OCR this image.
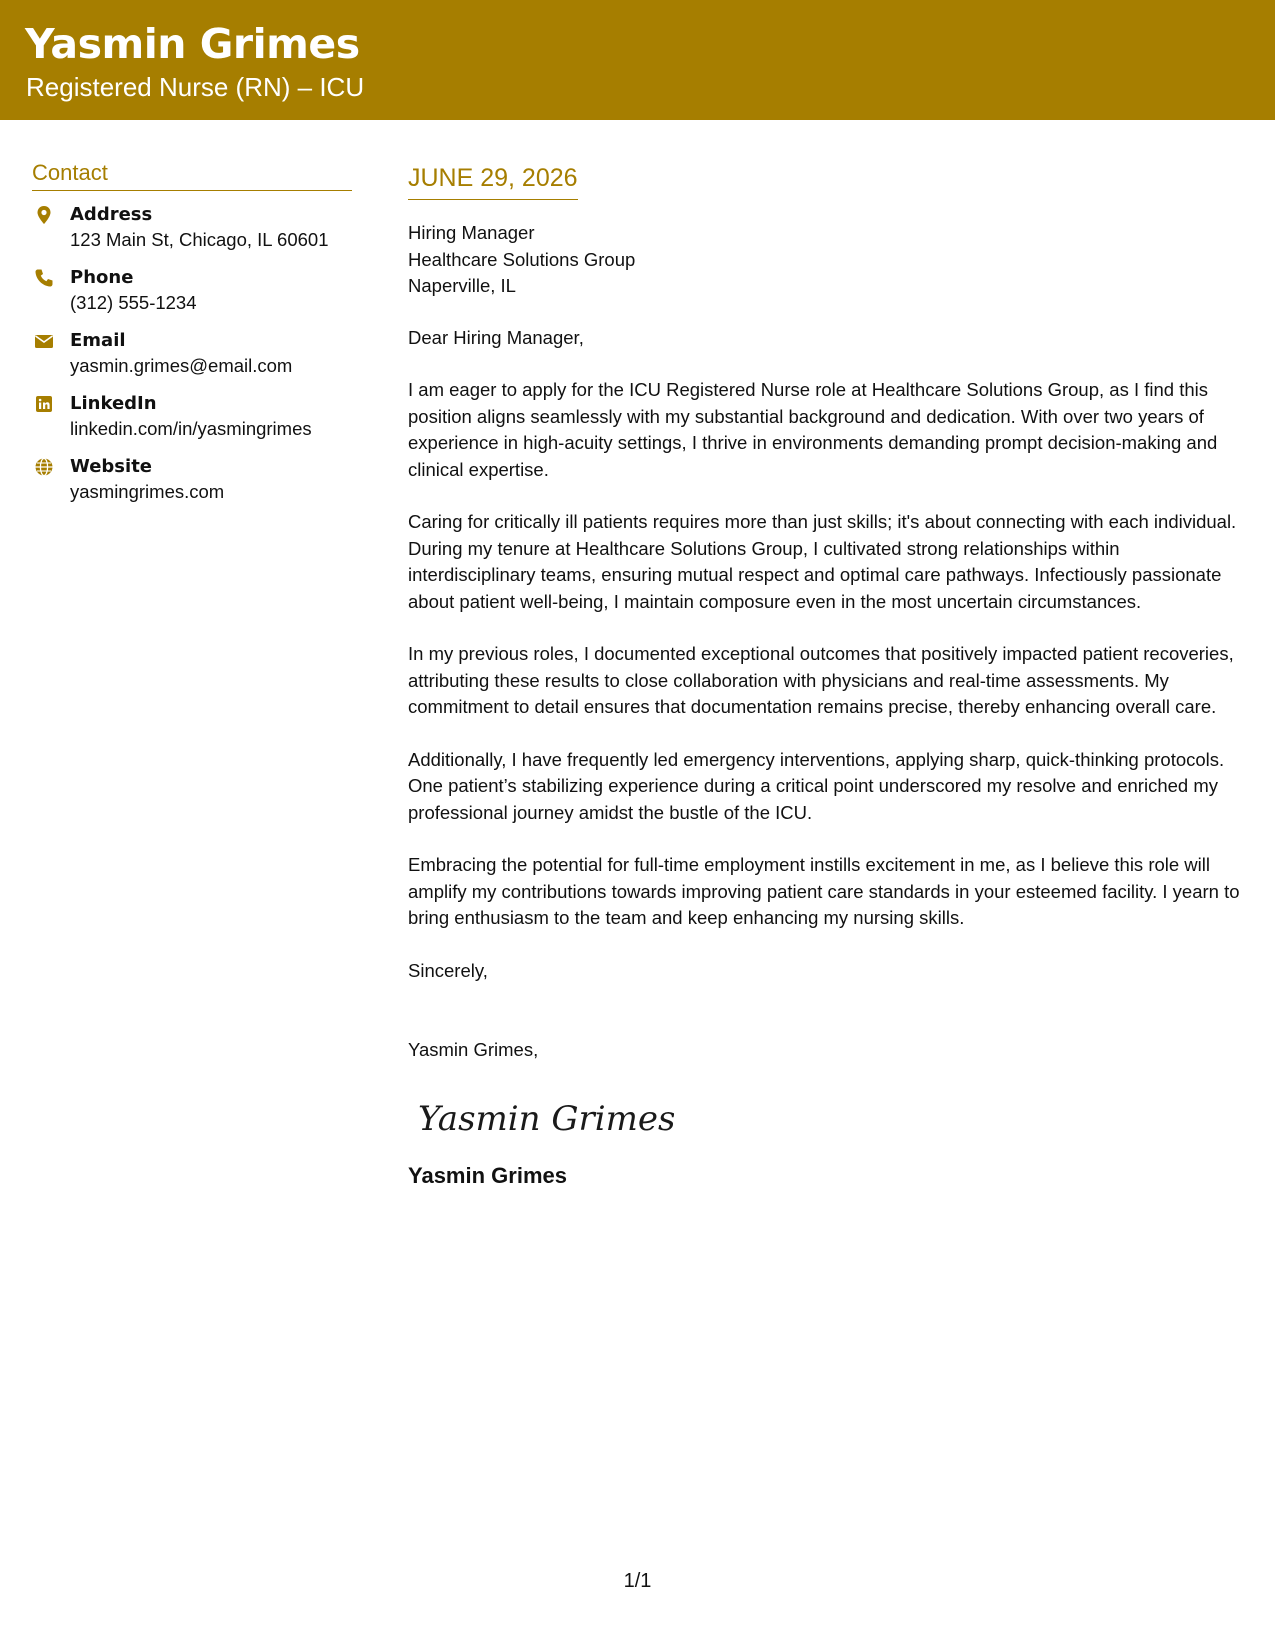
Yasmin Grimes
Registered Nurse (RN) – ICU
Contact
Address
123 Main St, Chicago, IL 60601
Phone
(312) 555-1234
Email
yasmin.grimes@email.com
LinkedIn
linkedin.com/in/yasmingrimes
Website
yasmingrimes.com
JUNE 29, 2026
Hiring Manager
Healthcare Solutions Group
Naperville, IL
Dear Hiring Manager,
I am eager to apply for the ICU Registered Nurse role at Healthcare Solutions Group, as I find this position aligns seamlessly with my substantial background and dedication. With over two years of experience in high-acuity settings, I thrive in environments demanding prompt decision-making and clinical expertise.
Caring for critically ill patients requires more than just skills; it's about connecting with each individual. During my tenure at Healthcare Solutions Group, I cultivated strong relationships within interdisciplinary teams, ensuring mutual respect and optimal care pathways. Infectiously passionate about patient well-being, I maintain composure even in the most uncertain circumstances.
In my previous roles, I documented exceptional outcomes that positively impacted patient recoveries, attributing these results to close collaboration with physicians and real-time assessments. My commitment to detail ensures that documentation remains precise, thereby enhancing overall care.
Additionally, I have frequently led emergency interventions, applying sharp, quick-thinking protocols. One patient’s stabilizing experience during a critical point underscored my resolve and enriched my professional journey amidst the bustle of the ICU.
Embracing the potential for full-time employment instills excitement in me, as I believe this role will amplify my contributions towards improving patient care standards in your esteemed facility. I yearn to bring enthusiasm to the team and keep enhancing my nursing skills.
Sincerely,
Yasmin Grimes,
Yasmin Grimes
Yasmin Grimes
1/1
